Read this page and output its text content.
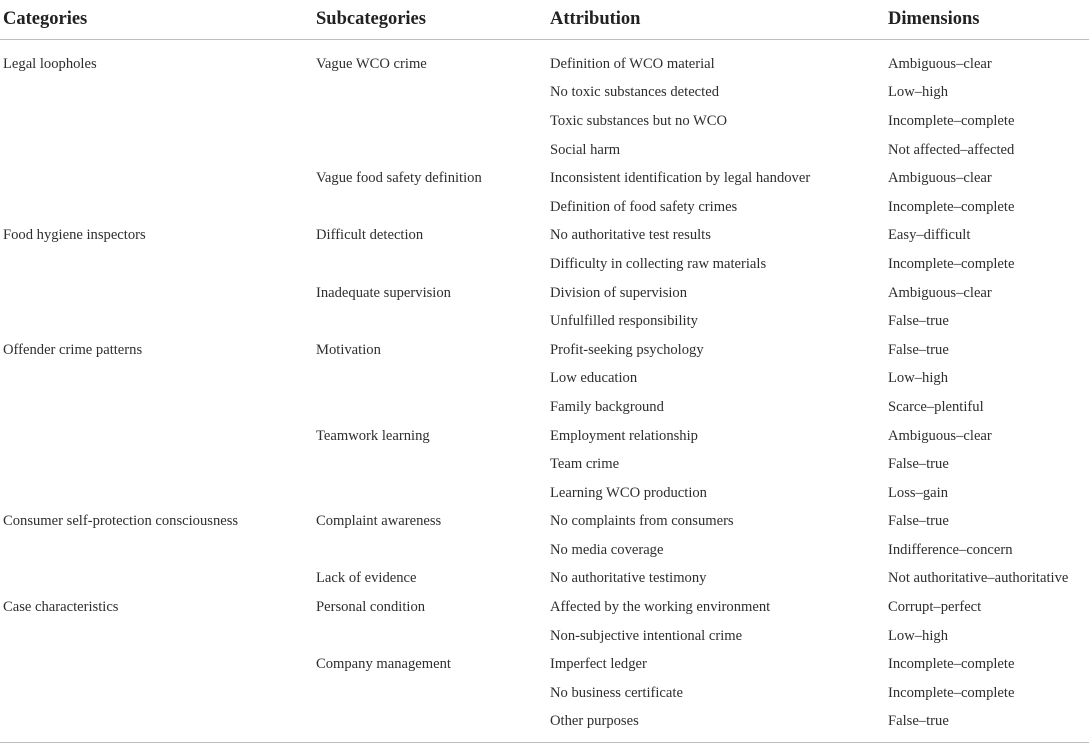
Categories	Subcategories	Attribution	Dimensions
Legal loopholes	Vague WCO crime	Definition of WCO material	Ambiguous–clear
		No toxic substances detected	Low–high
		Toxic substances but no WCO	Incomplete–complete
		Social harm	Not affected–affected
	Vague food safety definition	Inconsistent identification by legal handover	Ambiguous–clear
		Definition of food safety crimes	Incomplete–complete
Food hygiene inspectors	Difficult detection	No authoritative test results	Easy–difficult
		Difficulty in collecting raw materials	Incomplete–complete
	Inadequate supervision	Division of supervision	Ambiguous–clear
		Unfulfilled responsibility	False–true
Offender crime patterns	Motivation	Profit-seeking psychology	False–true
		Low education	Low–high
		Family background	Scarce–plentiful
	Teamwork learning	Employment relationship	Ambiguous–clear
		Team crime	False–true
		Learning WCO production	Loss–gain
Consumer self-protection consciousness	Complaint awareness	No complaints from consumers	False–true
		No media coverage	Indifference–concern
	Lack of evidence	No authoritative testimony	Not authoritative–authoritative
Case characteristics	Personal condition	Affected by the working environment	Corrupt–perfect
		Non-subjective intentional crime	Low–high
	Company management	Imperfect ledger	Incomplete–complete
		No business certificate	Incomplete–complete
		Other purposes	False–true
